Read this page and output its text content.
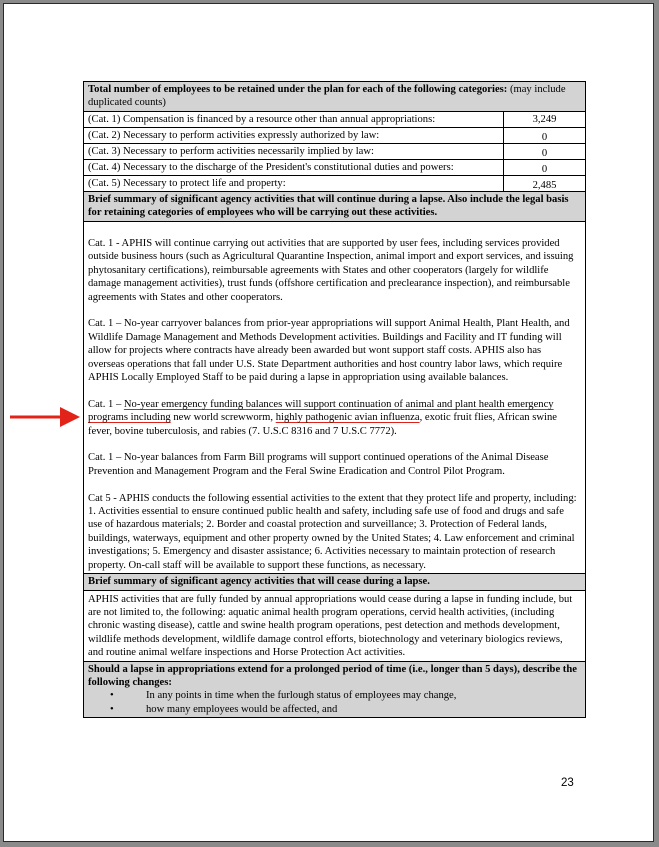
Total number of employees to be retained under the plan for each of the following categories: (may include duplicated counts)
(Cat. 1) Compensation is financed by a resource other than annual appropriations:	3,249
(Cat. 2) Necessary to perform activities expressly authorized by law:	0
(Cat. 3) Necessary to perform activities necessarily implied by law:	0
(Cat. 4) Necessary to the discharge of the President's constitutional duties and powers:	0
(Cat. 5) Necessary to protect life and property:	2,485
Brief summary of significant agency activities that will continue during a lapse. Also include the legal basis for retaining categories of employees who will be carrying out these activities.

Cat. 1 - APHIS will continue carrying out activities that are supported by user fees, including services provided outside business hours (such as Agricultural Quarantine Inspection, animal import and export services, and issuing phytosanitary certifications), reimbursable agreements with States and other cooperators (largely for wildlife damage management activities), trust funds (offshore certification and preclearance inspection), and reimbursable agreements with States and other cooperators.

Cat. 1 – No-year carryover balances from prior-year appropriations will support Animal Health, Plant Health, and Wildlife Damage Management and Methods Development activities. Buildings and Facility and IT funding will allow for projects where contracts have already been awarded but wont support staff costs. APHIS also has overseas operations that fall under U.S. State Department authorities and host country labor laws, which require APHIS Locally Employed Staff to be paid during a lapse in appropriation using available balances.

Cat. 1 – No-year emergency funding balances will support continuation of animal and plant health emergency programs including new world screwworm, highly pathogenic avian influenza, exotic fruit flies, African swine fever, bovine tuberculosis, and rabies (7. U.S.C 8316 and 7 U.S.C 7772).

Cat. 1 – No-year balances from Farm Bill programs will support continued operations of the Animal Disease Prevention and Management Program and the Feral Swine Eradication and Control Pilot Program.

Cat 5 - APHIS conducts the following essential activities to the extent that they protect life and property, including: 1. Activities essential to ensure continued public health and safety, including safe use of food and drugs and safe use of hazardous materials; 2. Border and coastal protection and surveillance; 3. Protection of Federal lands, buildings, waterways, equipment and other property owned by the United States; 4. Law enforcement and criminal investigations; 5. Emergency and disaster assistance; 6. Activities necessary to maintain protection of research property. On-call staff will be available to support these functions, as necessary.

Brief summary of significant agency activities that will cease during a lapse.
APHIS activities that are fully funded by annual appropriations would cease during a lapse in funding include, but are not limited to, the following: aquatic animal health program operations, cervid health activities, (including chronic wasting disease), cattle and swine health program operations, pest detection and methods development, wildlife methods development, wildlife damage control efforts, biotechnology and veterinary biologics reviews, and routine animal welfare inspections and Horse Protection Act activities.
Should a lapse in appropriations extend for a prolonged period of time (i.e., longer than 5 days), describe the following changes:
•	In any points in time when the furlough status of employees may change,
•	how many employees would be affected, and
23
